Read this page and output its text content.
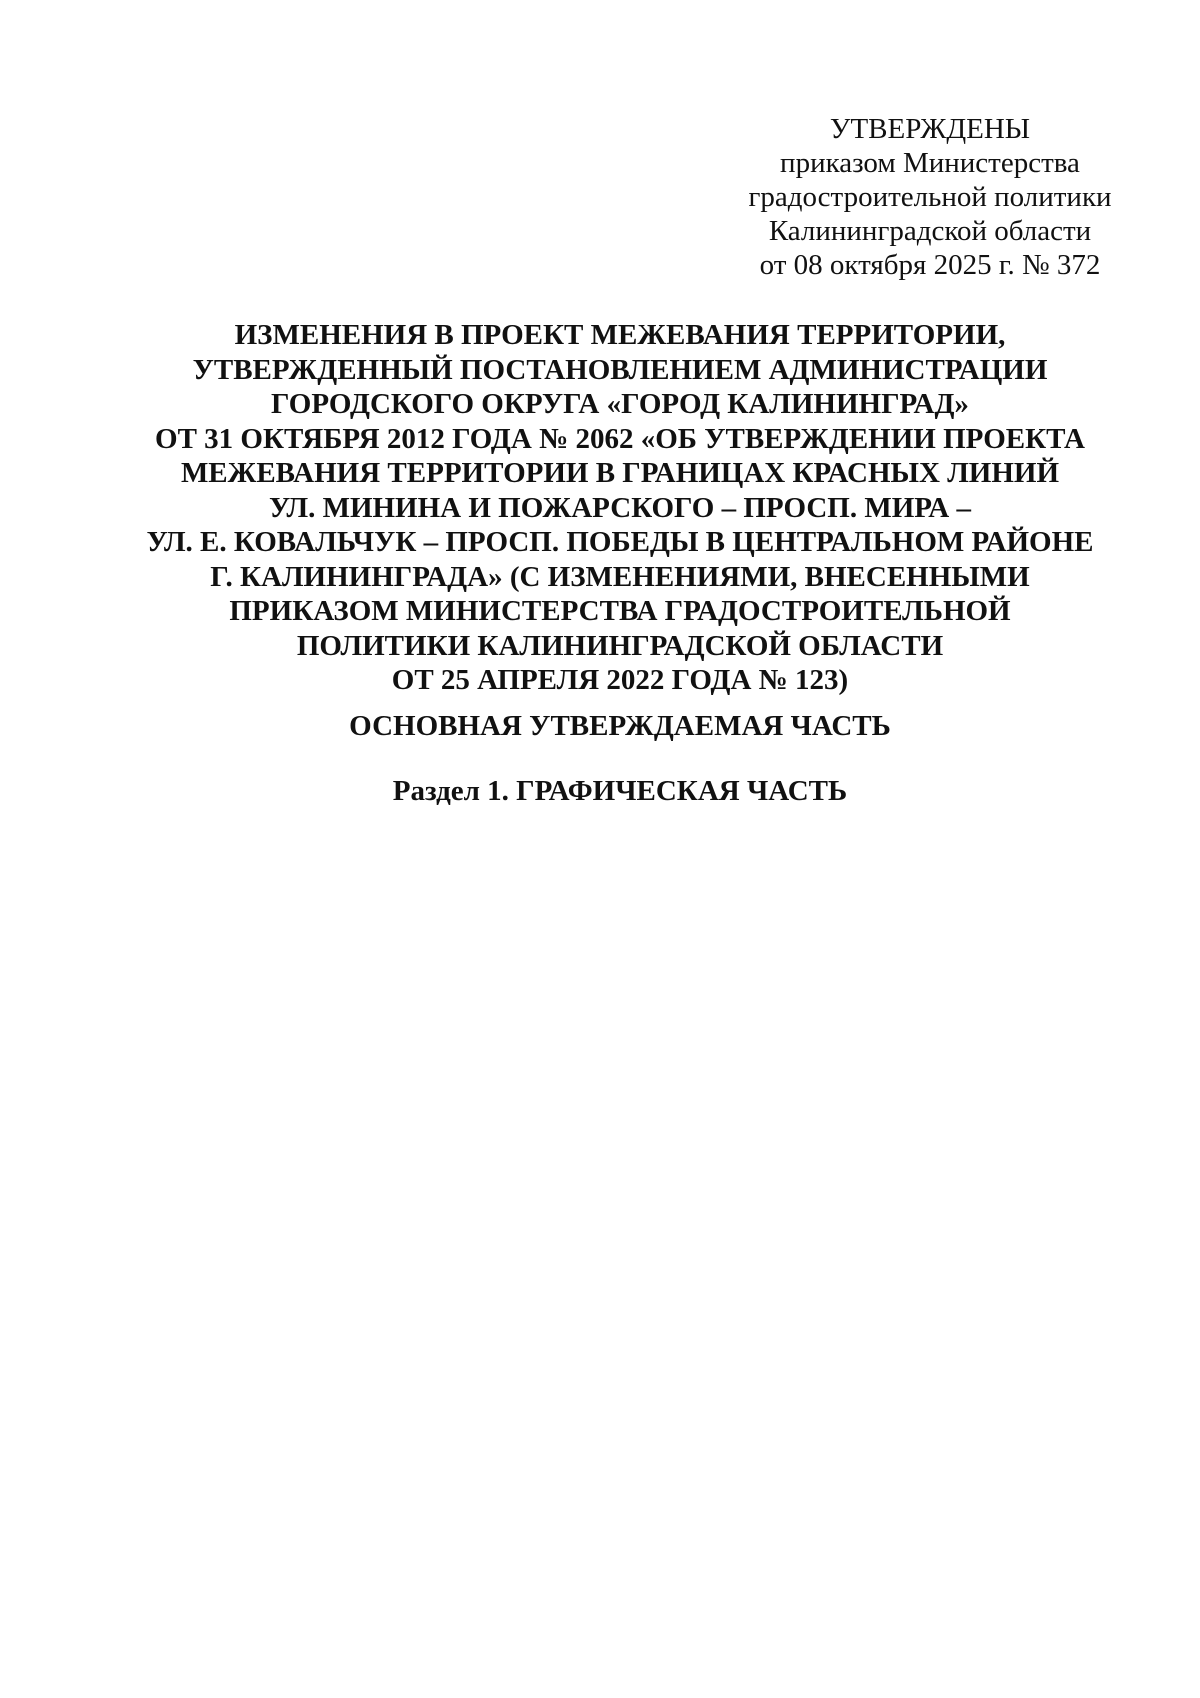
УТВЕРЖДЕНЫ
приказом Министерства
градостроительной политики
Калининградской области
от 08 октября 2025 г. № 372
ИЗМЕНЕНИЯ В ПРОЕКТ МЕЖЕВАНИЯ ТЕРРИТОРИИ,
УТВЕРЖДЕННЫЙ ПОСТАНОВЛЕНИЕМ АДМИНИСТРАЦИИ
ГОРОДСКОГО ОКРУГА «ГОРОД КАЛИНИНГРАД»
ОТ 31 ОКТЯБРЯ 2012 ГОДА № 2062 «ОБ УТВЕРЖДЕНИИ ПРОЕКТА
МЕЖЕВАНИЯ ТЕРРИТОРИИ В ГРАНИЦАХ КРАСНЫХ ЛИНИЙ
УЛ. МИНИНА И ПОЖАРСКОГО – ПРОСП. МИРА –
УЛ. Е. КОВАЛЬЧУК – ПРОСП. ПОБЕДЫ В ЦЕНТРАЛЬНОМ РАЙОНЕ
Г. КАЛИНИНГРАДА» (С ИЗМЕНЕНИЯМИ, ВНЕСЕННЫМИ
ПРИКАЗОМ МИНИСТЕРСТВА ГРАДОСТРОИТЕЛЬНОЙ
ПОЛИТИКИ КАЛИНИНГРАДСКОЙ ОБЛАСТИ
ОТ 25 АПРЕЛЯ 2022 ГОДА № 123)
ОСНОВНАЯ УТВЕРЖДАЕМАЯ ЧАСТЬ
Раздел 1. ГРАФИЧЕСКАЯ ЧАСТЬ
